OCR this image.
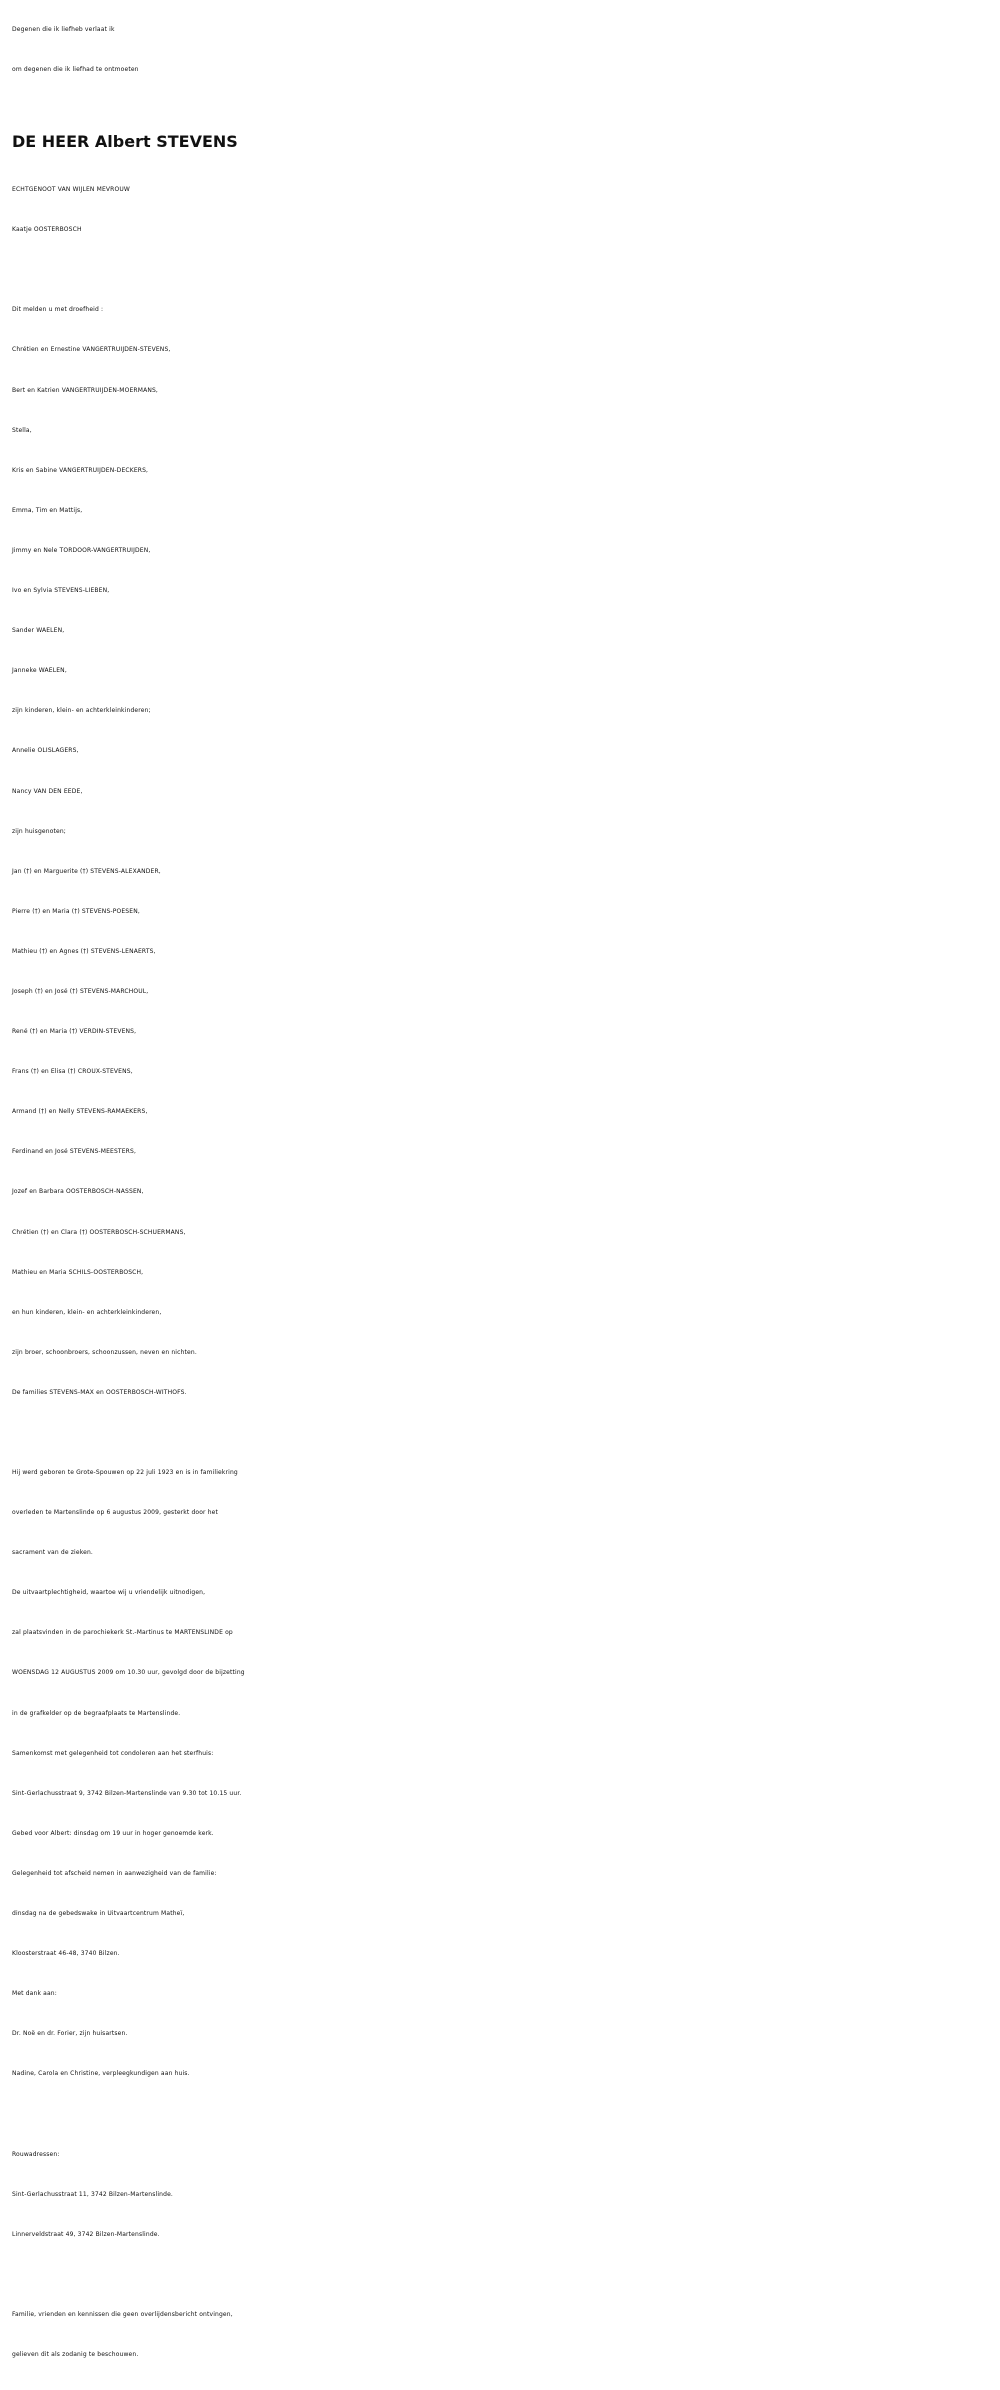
Degenen die ik liefheb verlaat ik
om degenen die ik liefhad te ontmoeten
DE HEER Albert STEVENS
ECHTGENOOT VAN WIJLEN MEVROUW
Kaatje OOSTERBOSCH
Dit melden u met droefheid :
Chrétien en Ernestine VANGERTRUIJDEN-STEVENS,
Bert en Katrien VANGERTRUIJDEN-MOERMANS,
Stella,
Kris en Sabine VANGERTRUIJDEN-DECKERS,
Emma, Tim en Mattijs,
Jimmy en Nele TORDOOR-VANGERTRUIJDEN,
Ivo en Sylvia STEVENS-LIEBEN,
Sander WAELEN,
Janneke WAELEN,
zijn kinderen, klein- en achterkleinkinderen;
Annelie OLISLAGERS,
Nancy VAN DEN EEDE,
zijn huisgenoten;
Jan (†) en Marguerite (†) STEVENS-ALEXANDER,
Pierre (†) en Maria (†) STEVENS-POESEN,
Mathieu (†) en Agnes (†) STEVENS-LENAERTS,
Joseph (†) en José (†) STEVENS-MARCHOUL,
René (†) en Maria (†) VERDIN-STEVENS,
Frans (†) en Elisa (†) CROUX-STEVENS,
Armand (†) en Nelly STEVENS-RAMAEKERS,
Ferdinand en José STEVENS-MEESTERS,
Jozef en Barbara OOSTERBOSCH-NASSEN,
Chrétien (†) en Clara (†) OOSTERBOSCH-SCHUERMANS,
Mathieu en Maria SCHILS-OOSTERBOSCH,
en hun kinderen, klein- en achterkleinkinderen,
zijn broer, schoonbroers, schoonzussen, neven en nichten.
De families STEVENS-MAX en OOSTERBOSCH-WITHOFS.
Hij werd geboren te Grote-Spouwen op 22 juli 1923 en is in familiekring
overleden te Martenslinde op 6 augustus 2009, gesterkt door het
sacrament van de zieken.
De uitvaartplechtigheid, waartoe wij u vriendelijk uitnodigen,
zal plaatsvinden in de parochiekerk St.-Martinus te MARTENSLINDE op
WOENSDAG 12 AUGUSTUS 2009 om 10.30 uur, gevolgd door de bijzetting
in de grafkelder op de begraafplaats te Martenslinde.
Samenkomst met gelegenheid tot condoleren aan het sterfhuis:
Sint-Gerlachusstraat 9, 3742 Bilzen-Martenslinde van 9.30 tot 10.15 uur.
Gebed voor Albert: dinsdag om 19 uur in hoger genoemde kerk.
Gelegenheid tot afscheid nemen in aanwezigheid van de familie:
dinsdag na de gebedswake in Uitvaartcentrum Matheï,
Kloosterstraat 46-48, 3740 Bilzen.
Met dank aan:
Dr. Noë en dr. Forier, zijn huisartsen.
Nadine, Carola en Christine, verpleegkundigen aan huis.
Rouwadressen:
Sint-Gerlachusstraat 11, 3742 Bilzen-Martenslinde.
Linnerveldstraat 49, 3742 Bilzen-Martenslinde.
Familie, vrienden en kennissen die geen overlijdensbericht ontvingen,
gelieven dit als zodanig te beschouwen.
